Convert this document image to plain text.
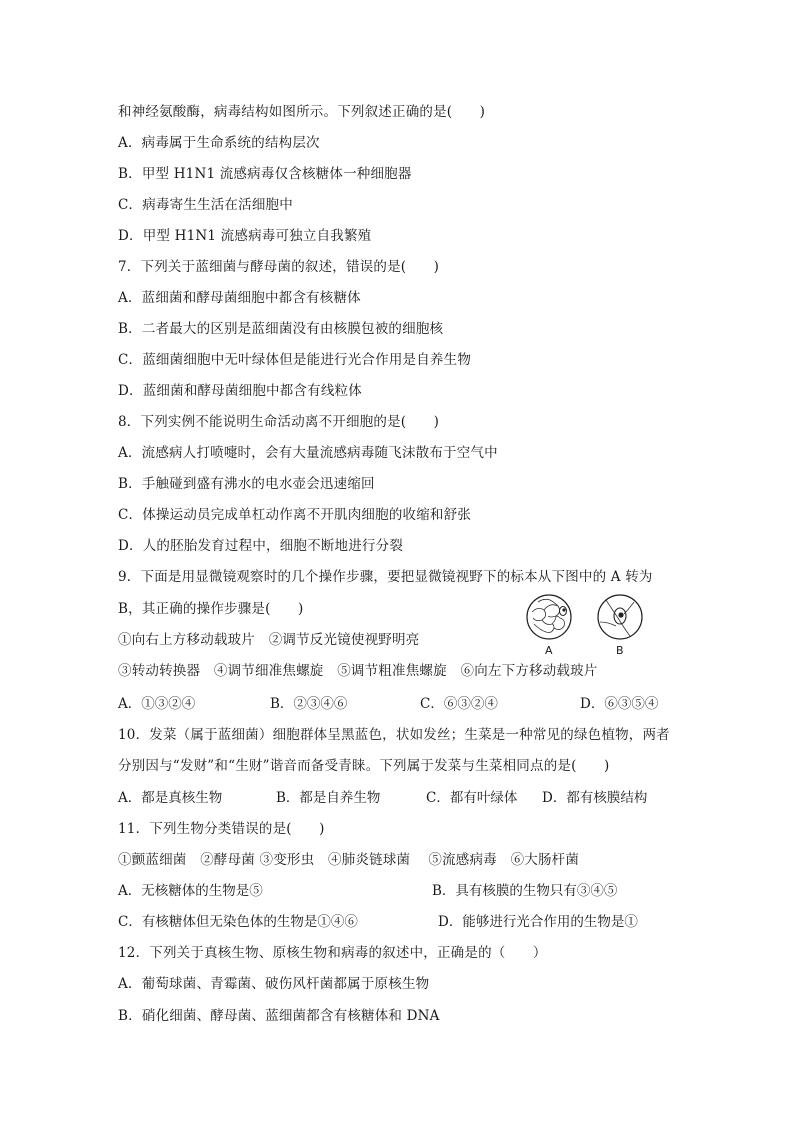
和神经氨酸酶，病毒结构如图所示。下列叙述正确的是(　　)
A．病毒属于生命系统的结构层次
B．甲型 H1N1 流感病毒仅含核糖体一种细胞器
C．病毒寄生生活在活细胞中
D．甲型 H1N1 流感病毒可独立自我繁殖
7．下列关于蓝细菌与酵母菌的叙述，错误的是(　　)
A．蓝细菌和酵母菌细胞中都含有核糖体
B．二者最大的区别是蓝细菌没有由核膜包被的细胞核
C．蓝细菌细胞中无叶绿体但是能进行光合作用是自养生物
D．蓝细菌和酵母菌细胞中都含有线粒体
8．下列实例不能说明生命活动离不开细胞的是(　　)
A．流感病人打喷嚏时，会有大量流感病毒随飞沫散布于空气中
B．手触碰到盛有沸水的电水壶会迅速缩回
C．体操运动员完成单杠动作离不开肌肉细胞的收缩和舒张
D．人的胚胎发育过程中，细胞不断地进行分裂
9．下面是用显微镜观察时的几个操作步骤，要把显微镜视野下的标本从下图中的 A 转为
B，其正确的操作步骤是(　　)
①向右上方移动载玻片　②调节反光镜使视野明亮
③转动转换器　④调节细准焦螺旋　⑤调节粗准焦螺旋　⑥向左下方移动载玻片
A	B
A．①③②④	B．②③④⑥	C．⑥③②④	D．⑥③⑤④
10．发菜（属于蓝细菌）细胞群体呈黑蓝色，状如发丝；生菜是一种常见的绿色植物，两者
分别因与“发财”和“生财”谐音而备受青睐。下列属于发菜与生菜相同点的是(　　)
A．都是真核生物	B．都是自养生物	C．都有叶绿体 D．都有核膜结构
11．下列生物分类错误的是(　　)
①颤蓝细菌　②酵母菌 ③变形虫　④肺炎链球菌　 ⑤流感病毒　⑥大肠杆菌
A．无核糖体的生物是⑤	B．具有核膜的生物只有③④⑤
C．有核糖体但无染色体的生物是①④⑥	D．能够进行光合作用的生物是①
12．下列关于真核生物、原核生物和病毒的叙述中，正确是的（　　）
A．葡萄球菌、青霉菌、破伤风杆菌都属于原核生物
B．硝化细菌、酵母菌、蓝细菌都含有核糖体和 DNA
